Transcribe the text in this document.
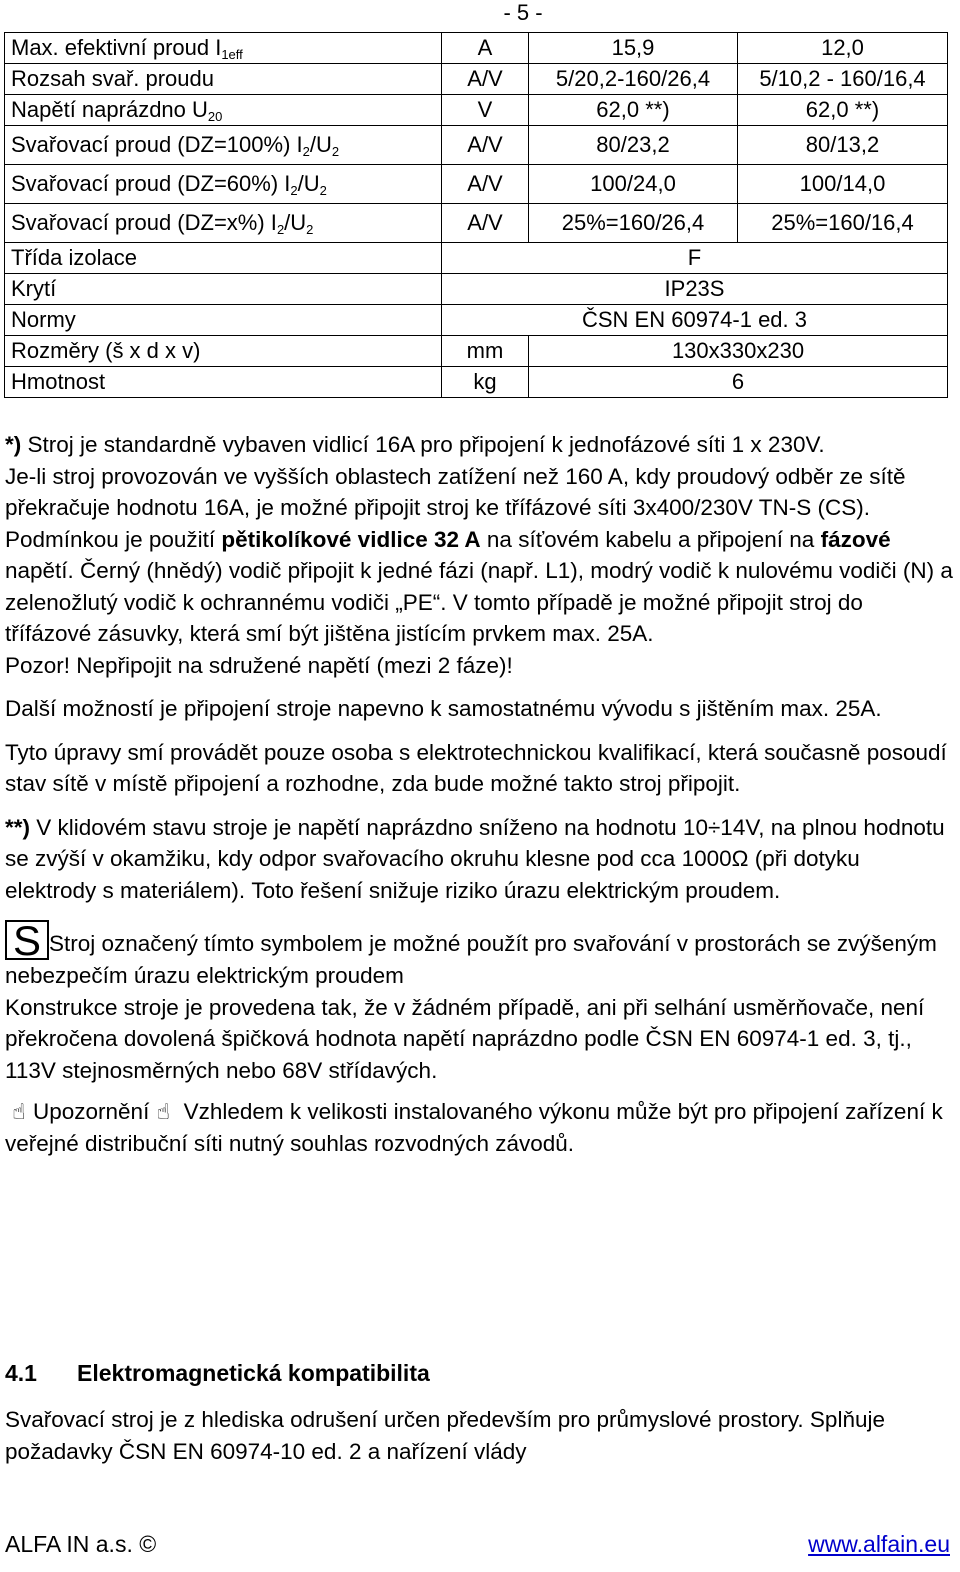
- 5 -
Max. efektivní proud $I_{1eff}$	A	15,9	12,0
Rozsah svař. proudu	A/V	5/20,2-160/26,4	5/10,2 - 160/16,4
Napětí naprázdno $U_{20}$	V	62,0 **)	62,0 **)
Svařovací proud (DZ=100%) $I_2/U_2$	A/V	80/23,2	80/13,2
Svařovací proud (DZ=60%) $I_2/U_2$	A/V	100/24,0	100/14,0
Svařovací proud (DZ=x%) $I_2/U_2$	A/V	25%=160/26,4	25%=160/16,4
Třída izolace	F		
Krytí	IP23S		
Normy	ČSN EN 60974-1 ed. 3		
Rozměry (š x d x v)	mm	130x330x230	
Hmotnost	kg	6	

*) Stroj je standardně vybaven vidlicí 16A pro připojení k jednofázové síti 1 x 230V.

Je-li stroj provozován ve vyšších oblastech zatížení než 160 A, kdy proudový odběr ze sítě překračuje hodnotu 16A, je možné připojit stroj ke třífázové síti 3x400/230V TN-S (CS). Podmínkou je použití pětikolíkové vidlice 32 A na síťovém kabelu a připojení na fázové napětí. Černý (hnědý) vodič připojit k jedné fázi (např. L1), modrý vodič k nulovému vodiči (N) a zelenožlutý vodič k ochrannému vodiči „PE“. V tomto případě je možné připojit stroj do třífázové zásuvky, která smí být jištěna jistícím prvkem max. 25A.

Pozor! Nepřipojit na sdružené napětí (mezi 2 fáze)!

Další možností je připojení stroje napevno k samostatnému vývodu s jištěním max. 25A.

Tyto úpravy smí provádět pouze osoba s elektrotechnickou kvalifikací, která současně posoudí stav sítě v místě připojení a rozhodne, zda bude možné takto stroj připojit.

**) V klidovém stavu stroje je napětí naprázdno sníženo na hodnotu 10÷14V, na plnou hodnotu se zvýší v okamžiku, kdy odpor svařovacího okruhu klesne pod cca 1000Ω (při dotyku elektrody s materiálem). Toto řešení snižuje riziko úrazu elektrickým proudem.

S Stroj označený tímto symbolem je možné použít pro svařování v prostorách se zvýšeným nebezpečím úrazu elektrickým proudem

Konstrukce stroje je provedena tak, že v žádném případě, ani při selhání usměrňovače, není překročena dovolená špičková hodnota napětí naprázdno podle ČSN EN 60974-1 ed. 3, tj., 113V stejnosměrných nebo 68V střídavých.

☝ Upozornění ☝ Vzhledem k velikosti instalovaného výkonu může být pro připojení zařízení k veřejné distribuční síti nutný souhlas rozvodných závodů.

4.1 Elektromagnetická kompatibilita
Svařovací stroj je z hlediska odrušení určen především pro průmyslové prostory. Splňuje požadavky ČSN EN 60974-10 ed. 2 a nařízení vlády
ALFA IN a.s. ©	www.alfain.eu
